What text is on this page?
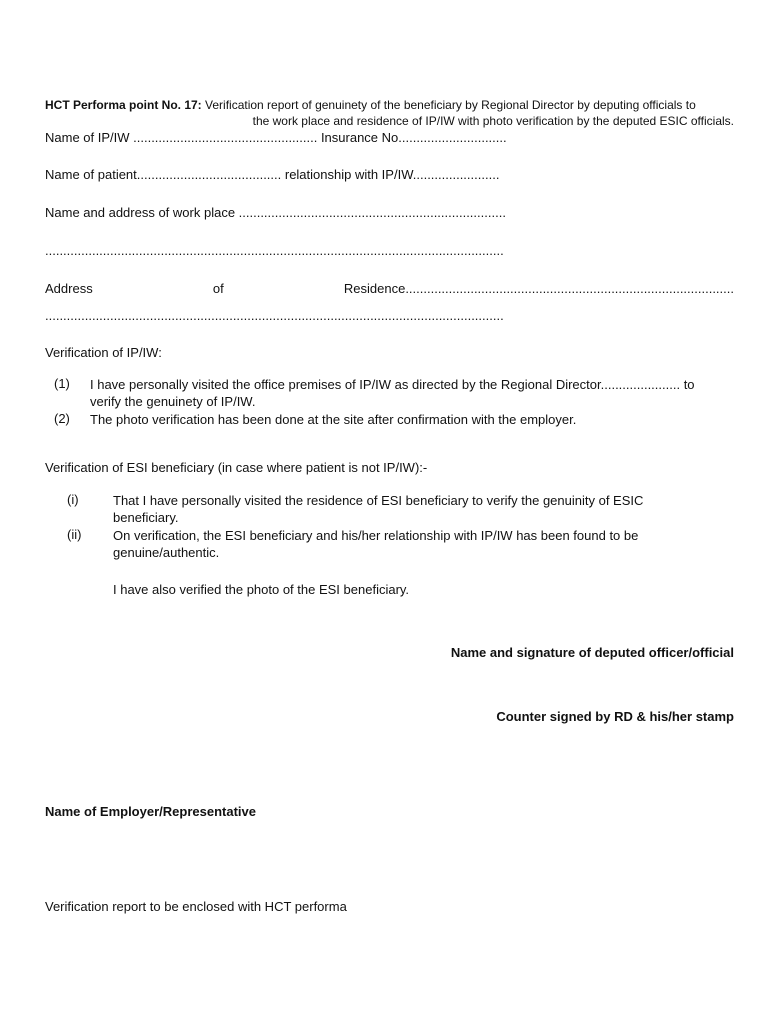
HCT Performa point No. 17: Verification report of genuinety of the beneficiary by Regional Director by deputing officials to
the work place and residence of IP/IW with photo verification by the deputed ESIC officials.
Name of IP/IW ................................................... Insurance No..............................
Name of patient........................................ relationship with IP/IW........................
Name and address of work place ..........................................................................
...............................................................................................................................
Address	of	Residence...........................................................................................
...............................................................................................................................
Verification of IP/IW:
(1) I have personally visited the office premises of IP/IW as directed by the Regional Director...................... to
verify the genuinety of IP/IW.
(2) The photo verification has been done at the site after confirmation with the employer.
Verification of ESI beneficiary (in case where patient is not IP/IW):-
(i)	That I have personally visited the residence of ESI beneficiary to verify the genuinity of ESIC
beneficiary.
(ii) On verification, the ESI beneficiary and his/her relationship with IP/IW has been found to be
genuine/authentic.
I have also verified the photo of the ESI beneficiary.
Name and signature of deputed officer/official
Counter signed by RD & his/her stamp
Name of Employer/Representative
Verification report to be enclosed with HCT performa
